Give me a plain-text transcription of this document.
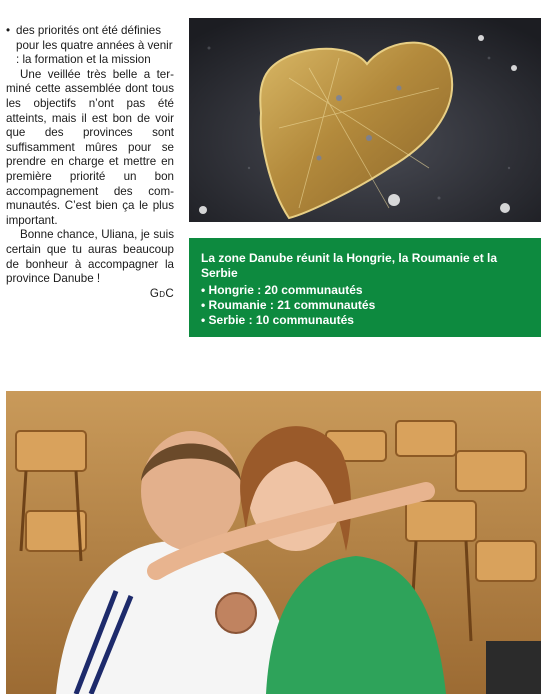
• des priorités ont été définies pour les quatre années à venir : la formation et la mission

Une veillée très belle a terminé cette assemblée dont tous les objectifs n’ont pas été atteints, mais il est bon de voir que des provinces sont suffisamment mûres pour se prendre en charge et mettre en première priorité un bon accompagnement des communautés. C’est bien ça le plus important.

Bonne chance, Uliana, je suis certain que tu auras beaucoup de bonheur à accompagner la province Danube !

GdC

La zone Danube réunit la Hongrie, la Roumanie et la Serbie

• Hongrie : 20 communautés
• Roumanie : 21 communautés
• Serbie : 10 communautés
